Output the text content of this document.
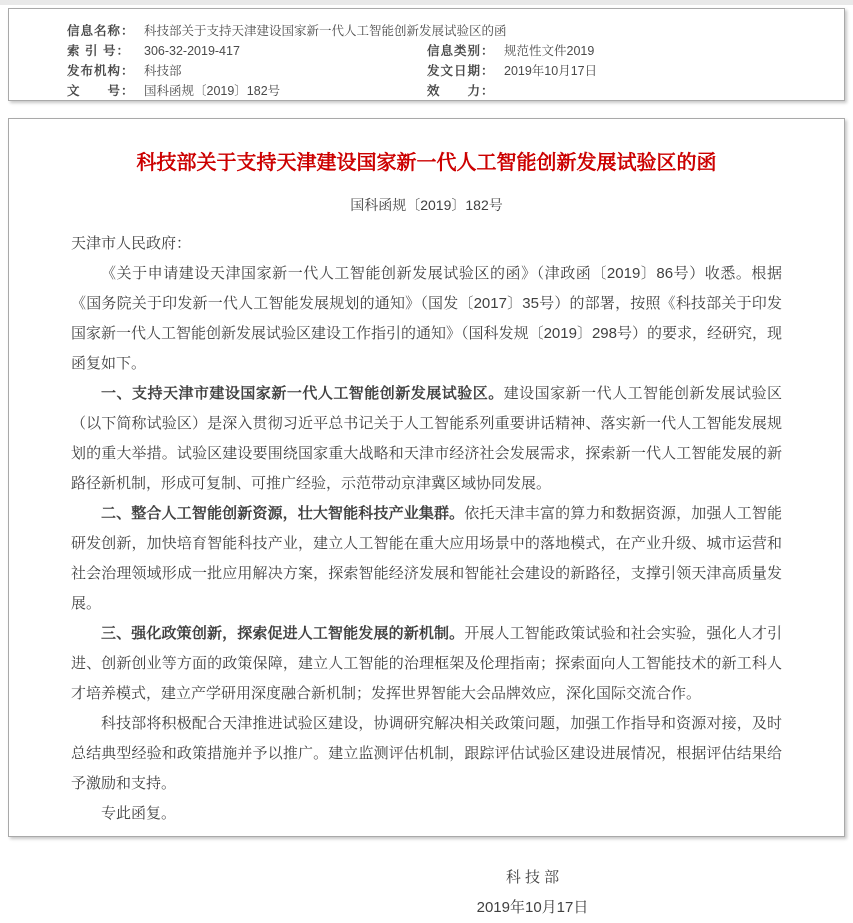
信息名称： 科技部关于支持天津建设国家新一代人工智能创新发展试验区的函
索 引 号： 306-32-2019-417	信息类别： 规范性文件2019
发布机构： 科技部	发文日期： 2019年10月17日
文　　号： 国科函规〔2019〕182号	效　　力：
科技部关于支持天津建设国家新一代人工智能创新发展试验区的函
国科函规〔2019〕182号

天津市人民政府：

《关于申请建设天津国家新一代人工智能创新发展试验区的函》（津政函〔2019〕86号）收悉。根据《国务院关于印发新一代人工智能发展规划的通知》（国发〔2017〕35号）的部署，按照《科技部关于印发国家新一代人工智能创新发展试验区建设工作指引的通知》（国科发规〔2019〕298号）的要求，经研究，现函复如下。

一、支持天津市建设国家新一代人工智能创新发展试验区。建设国家新一代人工智能创新发展试验区（以下简称试验区）是深入贯彻习近平总书记关于人工智能系列重要讲话精神、落实新一代人工智能发展规划的重大举措。试验区建设要围绕国家重大战略和天津市经济社会发展需求，探索新一代人工智能发展的新路径新机制，形成可复制、可推广经验，示范带动京津冀区域协同发展。

二、整合人工智能创新资源，壮大智能科技产业集群。依托天津丰富的算力和数据资源，加强人工智能研发创新，加快培育智能科技产业，建立人工智能在重大应用场景中的落地模式，在产业升级、城市运营和社会治理领域形成一批应用解决方案，探索智能经济发展和智能社会建设的新路径，支撑引领天津高质量发展。

三、强化政策创新，探索促进人工智能发展的新机制。开展人工智能政策试验和社会实验，强化人才引进、创新创业等方面的政策保障，建立人工智能的治理框架及伦理指南；探索面向人工智能技术的新工科人才培养模式，建立产学研用深度融合新机制；发挥世界智能大会品牌效应，深化国际交流合作。

科技部将积极配合天津推进试验区建设，协调研究解决相关政策问题，加强工作指导和资源对接，及时总结典型经验和政策措施并予以推广。建立监测评估机制，跟踪评估试验区建设进展情况，根据评估结果给予激励和支持。

专此函复。

科 技 部
2019年10月17日
